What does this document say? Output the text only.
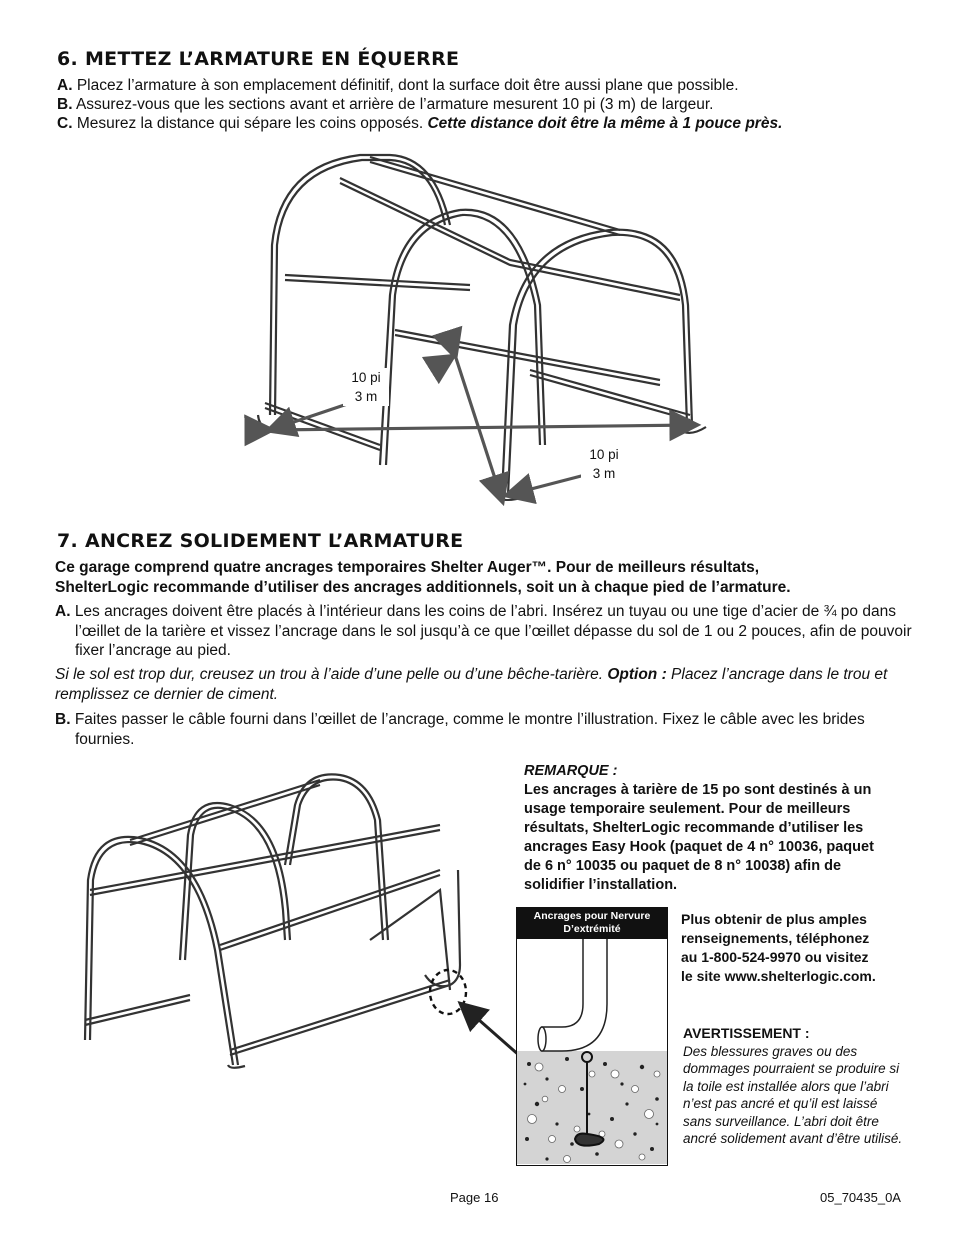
6. METTEZ L’ARMATURE EN ÉQUERRE
A. Placez l’armature à son emplacement définitif, dont la surface doit être aussi plane que possible.
B. Assurez-vous que les sections avant et arrière de l’armature mesurent 10 pi (3 m) de largeur.
C. Mesurez la distance qui sépare les coins opposés. Cette distance doit être la même à 1 pouce près.
10 pi
3 m
10 pi
3 m
7. ANCREZ SOLIDEMENT L’ARMATURE
Ce garage comprend quatre ancrages temporaires Shelter Auger™. Pour de meilleurs résultats,
ShelterLogic recommande d’utiliser des ancrages additionnels, soit un à chaque pied de l’armature.
A. Les ancrages doivent être placés à l’intérieur dans les coins de l’abri. Insérez un tuyau ou une tige d’acier de ¾ po dans l’œillet de la tarière et vissez l’ancrage dans le sol jusqu’à ce que l’œillet dépasse du sol de 1 ou 2 pouces, afin de pouvoir fixer l’ancrage au pied.
Si le sol est trop dur, creusez un trou à l’aide d’une pelle ou d’une bêche-tarière. Option : Placez l’ancrage dans le trou et remplissez ce dernier de ciment.
B. Faites passer le câble fourni dans l’œillet de l’ancrage, comme le montre l’illustration. Fixez le câble avec les brides fournies.
REMARQUE :
Les ancrages à tarière de 15 po sont destinés à un usage temporaire seulement. Pour de meilleurs résultats, ShelterLogic recommande d’utiliser les ancrages Easy Hook (paquet de 4 n° 10036, paquet de 6 n° 10035 ou paquet de 8 n° 10038) afin de solidifier l’installation.
Ancrages pour Nervure D’extrémité
Plus obtenir de plus amples renseignements, téléphonez au 1-800-524-9970 ou visitez le site www.shelterlogic.com.
AVERTISSEMENT :
Des blessures graves ou des dommages pourraient se produire si la toile est installée alors que l’abri n’est pas ancré et qu’il est laissé sans surveillance. L’abri doit être ancré solidement avant d’être utilisé.
Page 16	05_70435_0A
